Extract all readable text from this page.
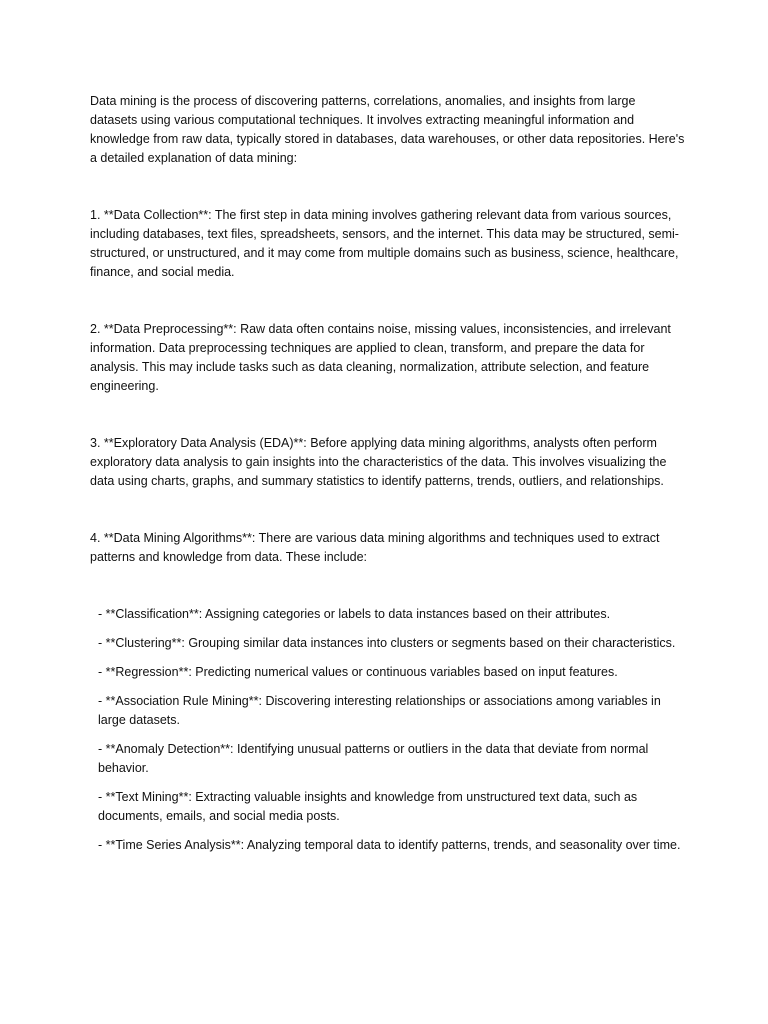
Data mining is the process of discovering patterns, correlations, anomalies, and insights from large datasets using various computational techniques. It involves extracting meaningful information and knowledge from raw data, typically stored in databases, data warehouses, or other data repositories. Here's a detailed explanation of data mining:

1. **Data Collection**: The first step in data mining involves gathering relevant data from various sources, including databases, text files, spreadsheets, sensors, and the internet. This data may be structured, semi-structured, or unstructured, and it may come from multiple domains such as business, science, healthcare, finance, and social media.

2. **Data Preprocessing**: Raw data often contains noise, missing values, inconsistencies, and irrelevant information. Data preprocessing techniques are applied to clean, transform, and prepare the data for analysis. This may include tasks such as data cleaning, normalization, attribute selection, and feature engineering.

3. **Exploratory Data Analysis (EDA)**: Before applying data mining algorithms, analysts often perform exploratory data analysis to gain insights into the characteristics of the data. This involves visualizing the data using charts, graphs, and summary statistics to identify patterns, trends, outliers, and relationships.

4. **Data Mining Algorithms**: There are various data mining algorithms and techniques used to extract patterns and knowledge from data. These include:

- **Classification**: Assigning categories or labels to data instances based on their attributes.

- **Clustering**: Grouping similar data instances into clusters or segments based on their characteristics.

- **Regression**: Predicting numerical values or continuous variables based on input features.

- **Association Rule Mining**: Discovering interesting relationships or associations among variables in large datasets.

- **Anomaly Detection**: Identifying unusual patterns or outliers in the data that deviate from normal behavior.

- **Text Mining**: Extracting valuable insights and knowledge from unstructured text data, such as documents, emails, and social media posts.

- **Time Series Analysis**: Analyzing temporal data to identify patterns, trends, and seasonality over time.
